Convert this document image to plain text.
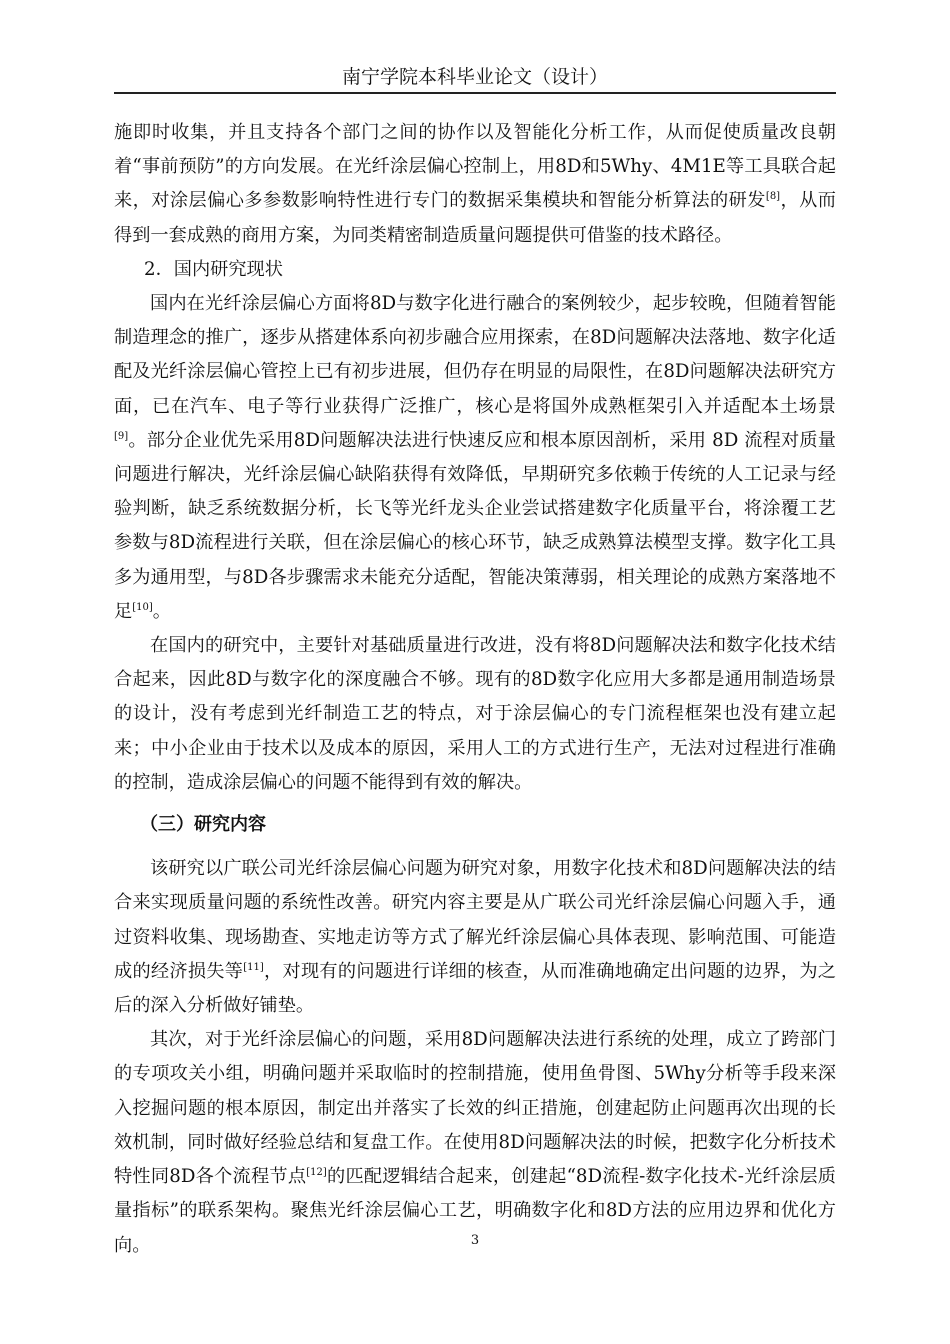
南宁学院本科毕业论文（设计）

施即时收集，并且支持各个部门之间的协作以及智能化分析工作，从而促使质量改良朝着“事前预防”的方向发展。在光纤涂层偏心控制上，用8D和5Why、4M1E等工具联合起来，对涂层偏心多参数影响特性进行专门的数据采集模块和智能分析算法的研发[8]，从而得到一套成熟的商用方案，为同类精密制造质量问题提供可借鉴的技术路径。

2．国内研究现状

国内在光纤涂层偏心方面将8D与数字化进行融合的案例较少，起步较晚，但随着智能制造理念的推广，逐步从搭建体系向初步融合应用探索，在8D问题解决法落地、数字化适配及光纤涂层偏心管控上已有初步进展，但仍存在明显的局限性，在8D问题解决法研究方面，已在汽车、电子等行业获得广泛推广，核心是将国外成熟框架引入并适配本土场景[9]。部分企业优先采用8D问题解决法进行快速反应和根本原因剖析，采用 8D 流程对质量问题进行解决，光纤涂层偏心缺陷获得有效降低，早期研究多依赖于传统的人工记录与经验判断，缺乏系统数据分析，长飞等光纤龙头企业尝试搭建数字化质量平台，将涂覆工艺参数与8D流程进行关联，但在涂层偏心的核心环节，缺乏成熟算法模型支撑。数字化工具多为通用型，与8D各步骤需求未能充分适配，智能决策薄弱，相关理论的成熟方案落地不足[10]。

在国内的研究中，主要针对基础质量进行改进，没有将8D问题解决法和数字化技术结合起来，因此8D与数字化的深度融合不够。现有的8D数字化应用大多都是通用制造场景的设计，没有考虑到光纤制造工艺的特点，对于涂层偏心的专门流程框架也没有建立起来；中小企业由于技术以及成本的原因，采用人工的方式进行生产，无法对过程进行准确的控制，造成涂层偏心的问题不能得到有效的解决。

（三）研究内容

该研究以广联公司光纤涂层偏心问题为研究对象，用数字化技术和8D问题解决法的结合来实现质量问题的系统性改善。研究内容主要是从广联公司光纤涂层偏心问题入手，通过资料收集、现场勘查、实地走访等方式了解光纤涂层偏心具体表现、影响范围、可能造成的经济损失等[11]，对现有的问题进行详细的核查，从而准确地确定出问题的边界，为之后的深入分析做好铺垫。

其次，对于光纤涂层偏心的问题，采用8D问题解决法进行系统的处理，成立了跨部门的专项攻关小组，明确问题并采取临时的控制措施，使用鱼骨图、5Why分析等手段来深入挖掘问题的根本原因，制定出并落实了长效的纠正措施，创建起防止问题再次出现的长效机制，同时做好经验总结和复盘工作。在使用8D问题解决法的时候，把数字化分析技术特性同8D各个流程节点[12]的匹配逻辑结合起来，创建起“8D流程-数字化技术-光纤涂层质量指标”的联系架构。聚焦光纤涂层偏心工艺，明确数字化和8D方法的应用边界和优化方向。	3
